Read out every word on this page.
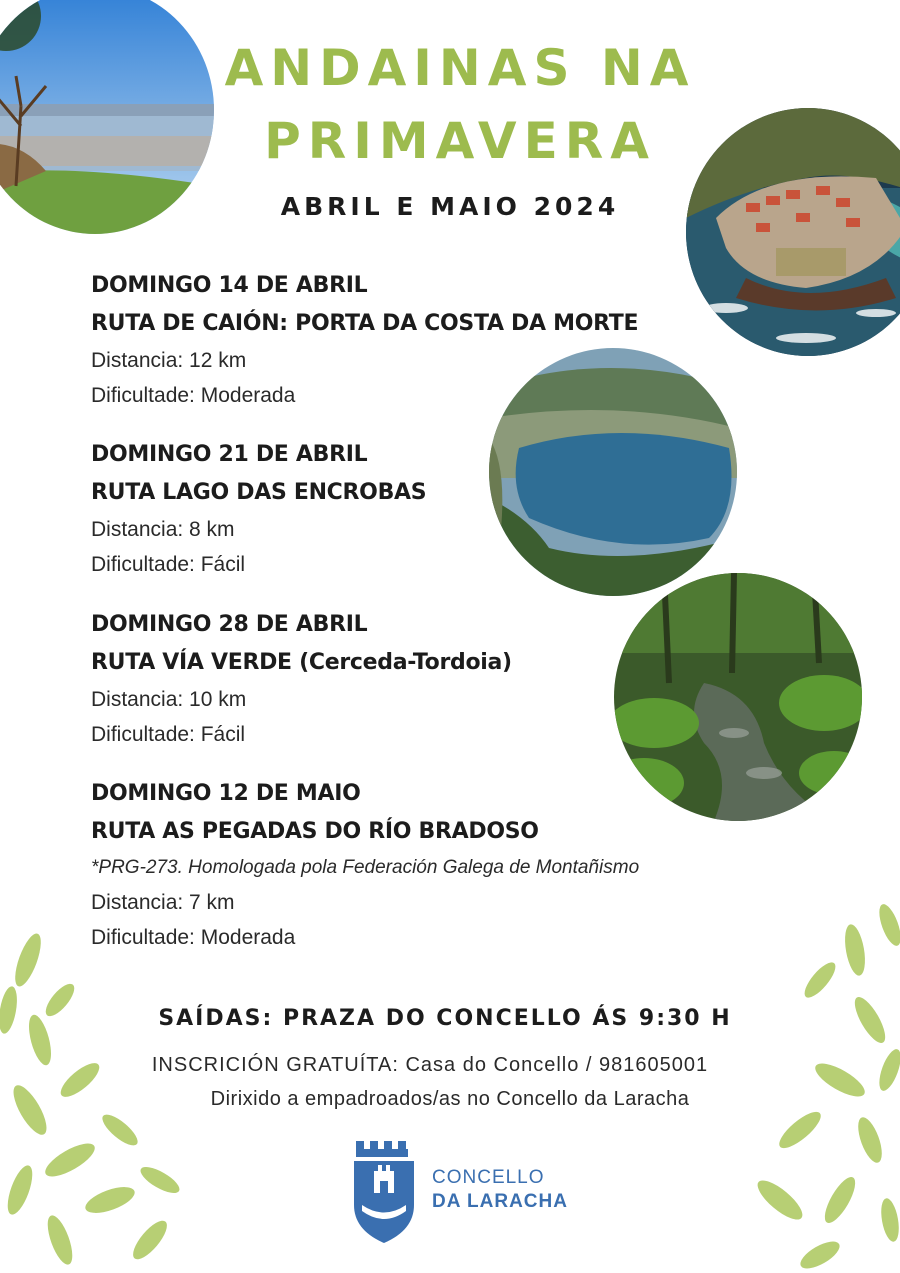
ANDAINAS NA
PRIMAVERA
ABRIL E MAIO 2024
DOMINGO 14 DE ABRIL
RUTA DE CAIÓN: PORTA DA COSTA DA MORTE
Distancia: 12 km
Dificultade: Moderada
DOMINGO 21 DE ABRIL
RUTA LAGO DAS ENCROBAS
Distancia: 8 km
Dificultade: Fácil
DOMINGO 28 DE ABRIL
RUTA VÍA VERDE (Cerceda-Tordoia)
Distancia: 10 km
Dificultade: Fácil
DOMINGO 12 DE MAIO
RUTA AS PEGADAS DO RÍO BRADOSO
*PRG-273. Homologada pola Federación Galega de Montañismo
Distancia: 7 km
Dificultade: Moderada
SAÍDAS: PRAZA DO CONCELLO ÁS 9:30 H
INSCRICIÓN GRATUÍTA: Casa do Concello / 981605001
Dirixido a empadroados/as no Concello da Laracha
CONCELLO
DA LARACHA
